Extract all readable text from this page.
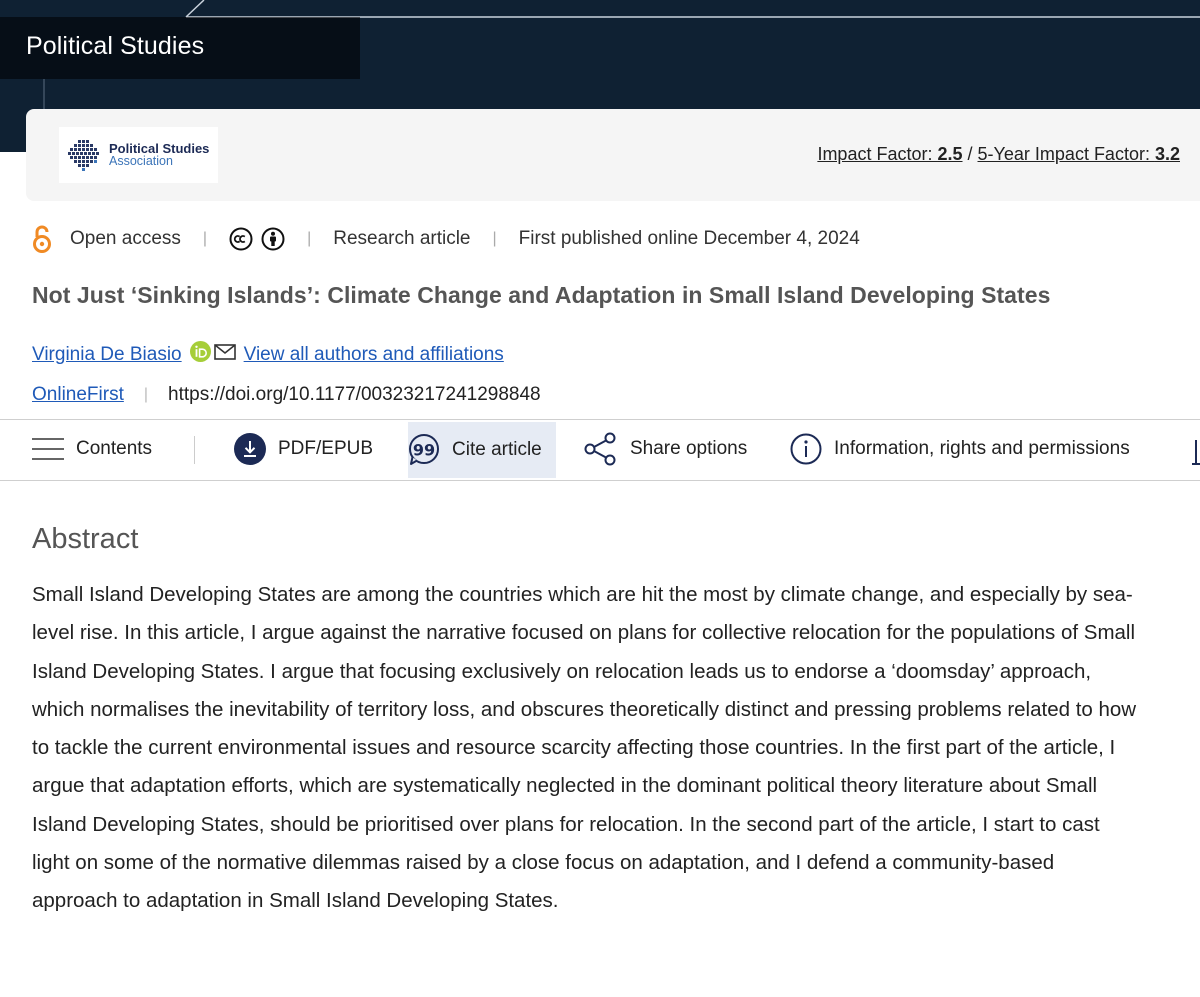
Political Studies
Political Studies
Association	Impact Factor: 2.5 / 5-Year Impact Factor: 3.2
Open access |	| Research article | First published online December 4, 2024
Not Just ‘Sinking Islands’: Climate Change and Adaptation in Small Island Developing States
Virginia De Biasio	View all authors and affiliations
OnlineFirst | https://doi.org/10.1177/00323217241298848
Contents	PDF/EPUB 99 Cite article	Share options	Information, rights and permissions
Abstract

Small Island Developing States are among the countries which are hit the most by climate change, and especially by sea-level rise. In this article, I argue against the narrative focused on plans for collective relocation for the populations of Small Island Developing States. I argue that focusing exclusively on relocation leads us to endorse a ‘doomsday’ approach, which normalises the inevitability of territory loss, and obscures theoretically distinct and pressing problems related to how to tackle the current environmental issues and resource scarcity affecting those countries. In the first part of the article, I argue that adaptation efforts, which are systematically neglected in the dominant political theory literature about Small Island Developing States, should be prioritised over plans for relocation. In the second part of the article, I start to cast light on some of the normative dilemmas raised by a close focus on adaptation, and I defend a community-based approach to adaptation in Small Island Developing States.
